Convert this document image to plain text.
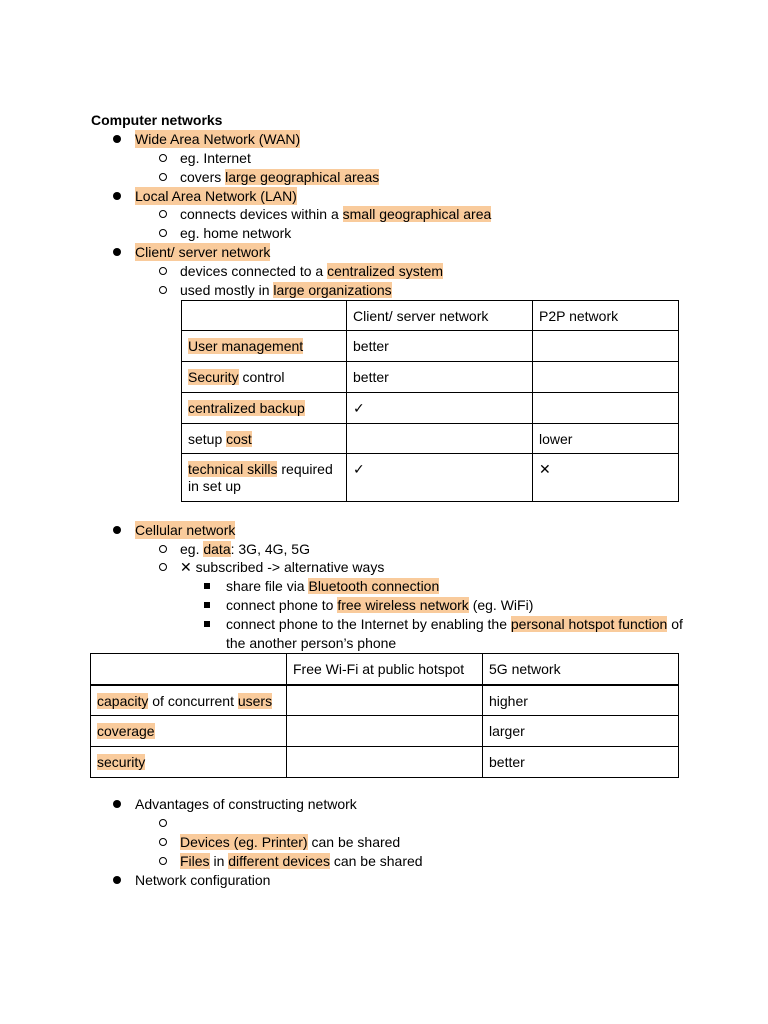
Computer networks
Wide Area Network (WAN)
eg. Internet
covers large geographical areas
Local Area Network (LAN)
connects devices within a small geographical area
eg. home network
Client/ server network
devices connected to a centralized system
used mostly in large organizations
	Client/ server network	P2P network
User management	better	
Security control	better	
centralized backup	✓	
setup cost		lower
technical skills required
in set up	✓	✕
Cellular network
eg. data: 3G, 4G, 5G
✕ subscribed -> alternative ways
share file via Bluetooth connection
connect phone to free wireless network (eg. WiFi)
connect phone to the Internet by enabling the personal hotspot function of
the another person’s phone
	Free Wi-Fi at public hotspot	5G network
capacity of concurrent users		higher
coverage		larger
security		better
Advantages of constructing network
Devices (eg. Printer) can be shared
Files in different devices can be shared
Network configuration
